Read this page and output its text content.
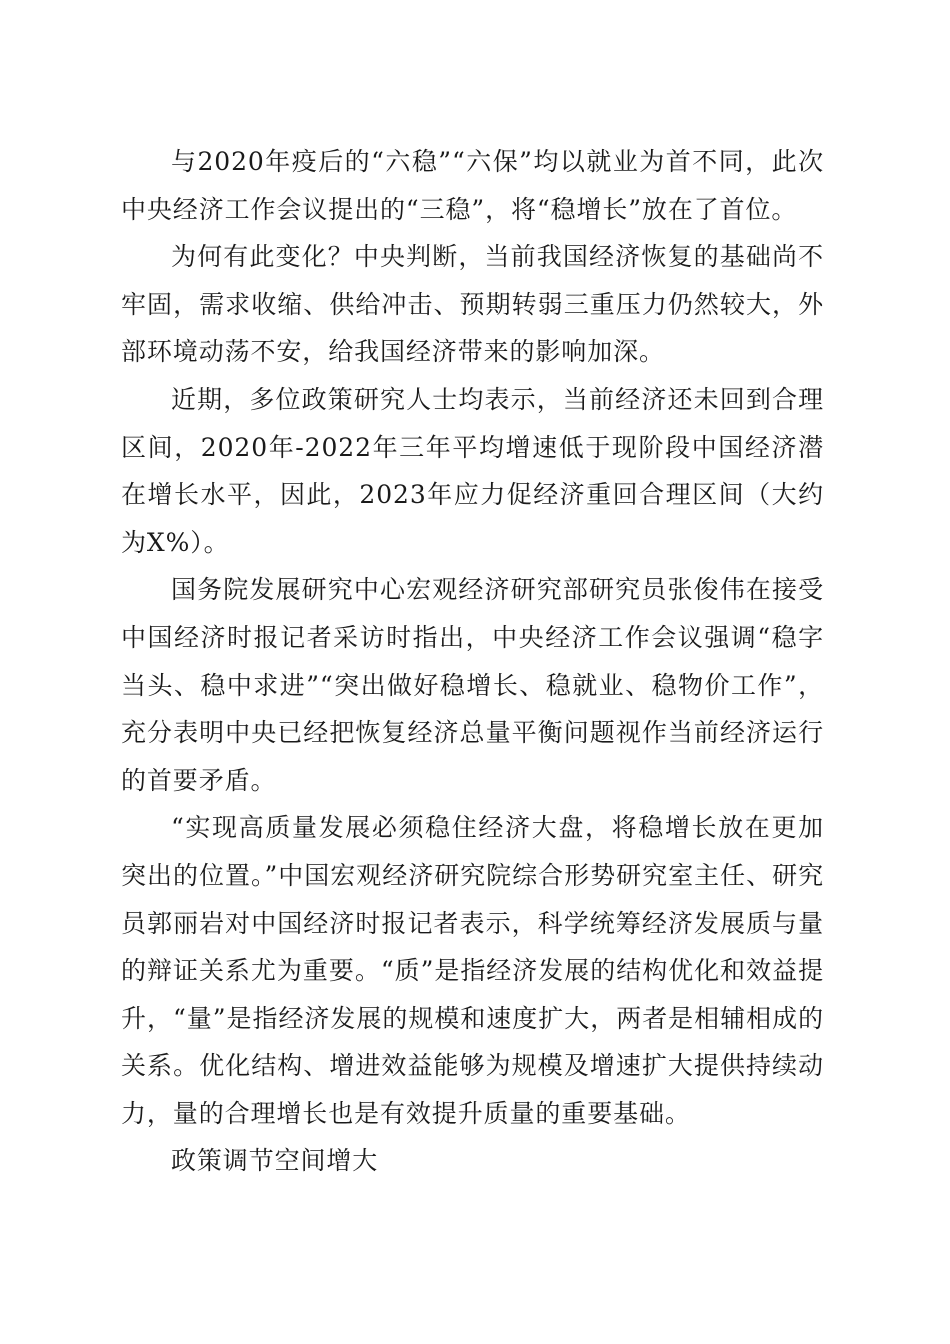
与2020年疫后的“六稳”“六保”均以就业为首不同，此次中央经济工作会议提出的“三稳”，将“稳增长”放在了首位。

为何有此变化？中央判断，当前我国经济恢复的基础尚不牢固，需求收缩、供给冲击、预期转弱三重压力仍然较大，外部环境动荡不安，给我国经济带来的影响加深。

近期，多位政策研究人士均表示，当前经济还未回到合理区间，2020年-2022年三年平均增速低于现阶段中国经济潜在增长水平，因此，2023年应力促经济重回合理区间（大约为X%）。

国务院发展研究中心宏观经济研究部研究员张俊伟在接受中国经济时报记者采访时指出，中央经济工作会议强调“稳字当头、稳中求进”“突出做好稳增长、稳就业、稳物价工作”，充分表明中央已经把恢复经济总量平衡问题视作当前经济运行的首要矛盾。

“实现高质量发展必须稳住经济大盘，将稳增长放在更加突出的位置。”中国宏观经济研究院综合形势研究室主任、研究员郭丽岩对中国经济时报记者表示，科学统筹经济发展质与量的辩证关系尤为重要。“质”是指经济发展的结构优化和效益提升，“量”是指经济发展的规模和速度扩大，两者是相辅相成的关系。优化结构、增进效益能够为规模及增速扩大提供持续动力，量的合理增长也是有效提升质量的重要基础。

政策调节空间增大
